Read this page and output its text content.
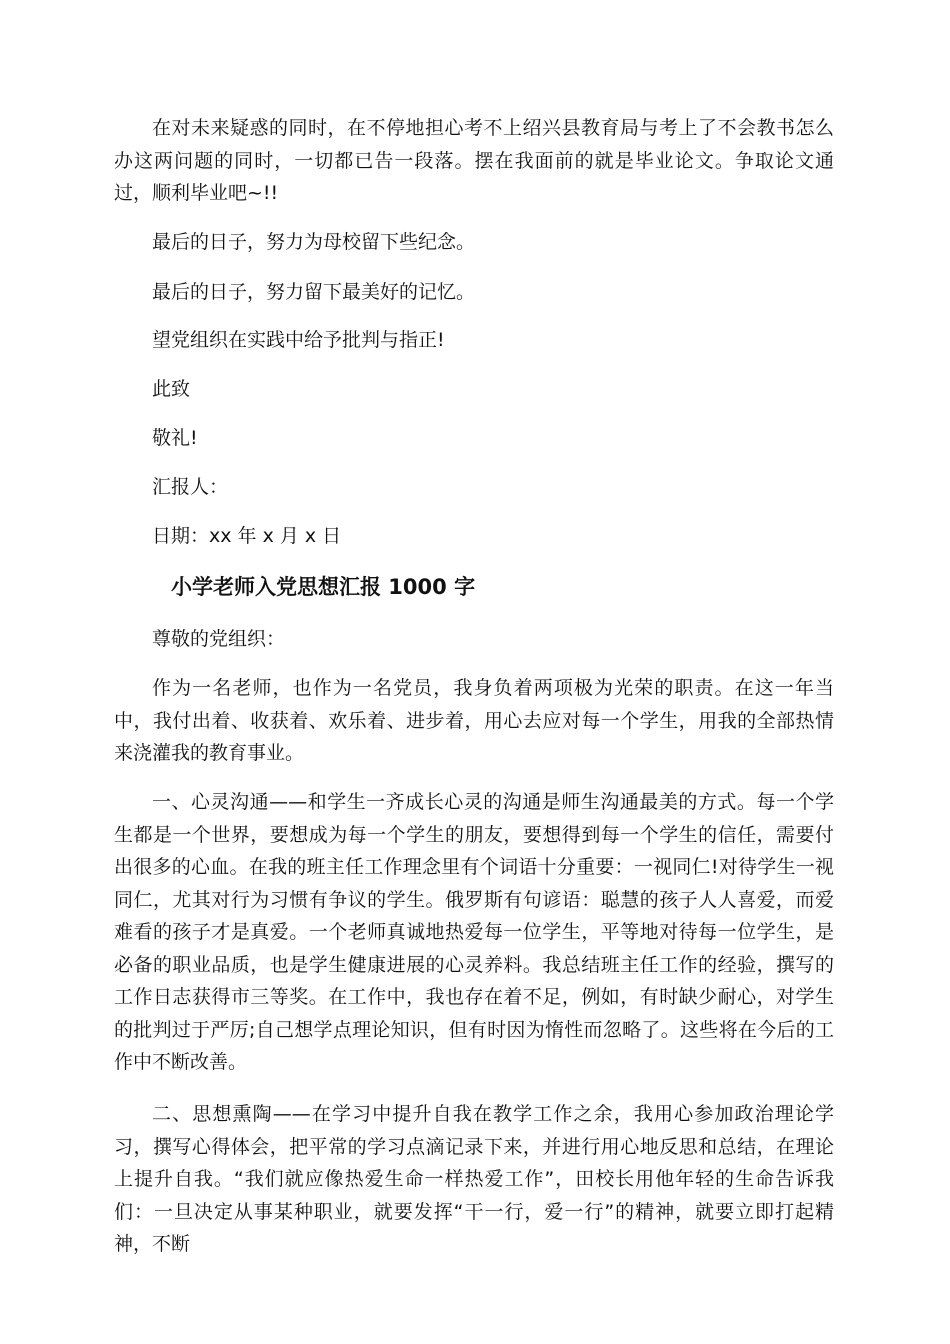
在对未来疑惑的同时，在不停地担心考不上绍兴县教育局与考上了不会教书怎么办这两问题的同时，一切都已告一段落。摆在我面前的就是毕业论文。争取论文通过，顺利毕业吧~!!

最后的日子，努力为母校留下些纪念。

最后的日子，努力留下最美好的记忆。

望党组织在实践中给予批判与指正!

此致

敬礼!

汇报人：

日期：xx 年 x 月 x 日

小学老师入党思想汇报 1000 字

尊敬的党组织：

作为一名老师，也作为一名党员，我身负着两项极为光荣的职责。在这一年当中，我付出着、收获着、欢乐着、进步着，用心去应对每一个学生，用我的全部热情来浇灌我的教育事业。

一、心灵沟通——和学生一齐成长心灵的沟通是师生沟通最美的方式。每一个学生都是一个世界，要想成为每一个学生的朋友，要想得到每一个学生的信任，需要付出很多的心血。在我的班主任工作理念里有个词语十分重要：一视同仁!对待学生一视同仁，尤其对行为习惯有争议的学生。俄罗斯有句谚语：聪慧的孩子人人喜爱，而爱难看的孩子才是真爱。一个老师真诚地热爱每一位学生，平等地对待每一位学生，是必备的职业品质，也是学生健康进展的心灵养料。我总结班主任工作的经验，撰写的工作日志获得市三等奖。在工作中，我也存在着不足，例如，有时缺少耐心，对学生的批判过于严厉;自己想学点理论知识，但有时因为惰性而忽略了。这些将在今后的工作中不断改善。

二、思想熏陶——在学习中提升自我在教学工作之余，我用心参加政治理论学习，撰写心得体会，把平常的学习点滴记录下来，并进行用心地反思和总结，在理论上提升自我。“我们就应像热爱生命一样热爱工作”，田校长用他年轻的生命告诉我们：一旦决定从事某种职业，就要发挥“干一行，爱一行”的精神，就要立即打起精神，不断
